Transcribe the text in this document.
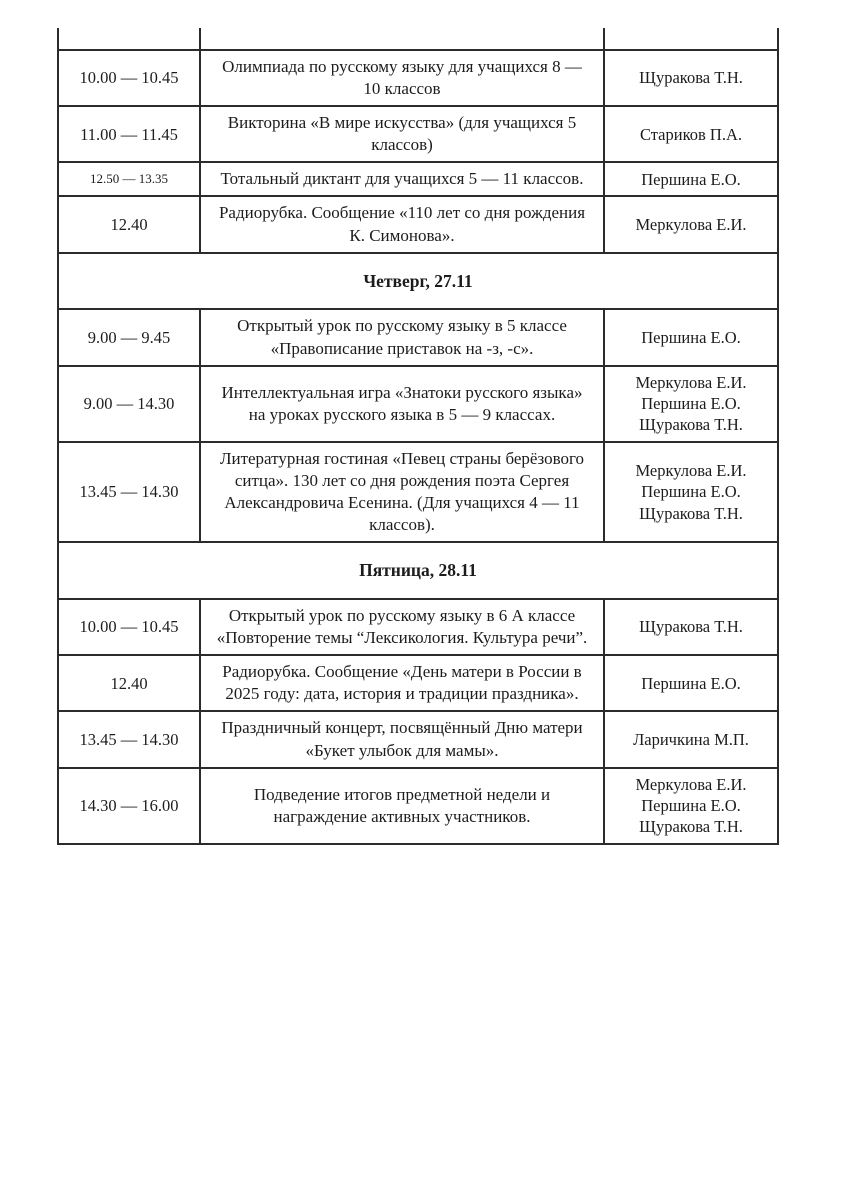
10.00 — 10.45	Олимпиада по русскому языку для учащихся 8 — 10 классов	Щуракова Т.Н.

11.00 — 11.45	Викторина «В мире искусства» (для учащихся 5 классов)	Стариков П.А.

12.50 — 13.35	Тотальный диктант для учащихся 5 — 11 классов.	Першина Е.О.

12.40	Радиорубка. Сообщение «110 лет со дня рождения К. Симонова».	Меркулова Е.И.

Четверг, 27.11		
9.00 — 9.45	Открытый урок по русскому языку в 5 классе «Правописание приставок на -з, -с».	Першина Е.О.

9.00 — 14.30	Интеллектуальная игра «Знатоки русского языка» на уроках русского языка в 5 — 9 классах.	Меркулова Е.И.
Першина Е.О.
Щуракова Т.Н.

13.45 — 14.30	Литературная гостиная «Певец страны берёзового ситца». 130 лет со дня рождения поэта Сергея Александровича Есенина. (Для учащихся 4 — 11 классов).	Меркулова Е.И.
Першина Е.О.
Щуракова Т.Н.

Пятница, 28.11		
10.00 — 10.45	Открытый урок по русскому языку в 6 А классе «Повторение темы “Лексикология. Культура речи”.	Щуракова Т.Н.

12.40	Радиорубка. Сообщение «День матери в России в 2025 году: дата, история и традиции праздника».	Першина Е.О.

13.45 — 14.30	Праздничный концерт, посвящённый Дню матери «Букет улыбок для мамы».	Ларичкина М.П.

14.30 — 16.00	Подведение итогов предметной недели и награждение активных участников.	Меркулова Е.И.
Першина Е.О.
Щуракова Т.Н.
